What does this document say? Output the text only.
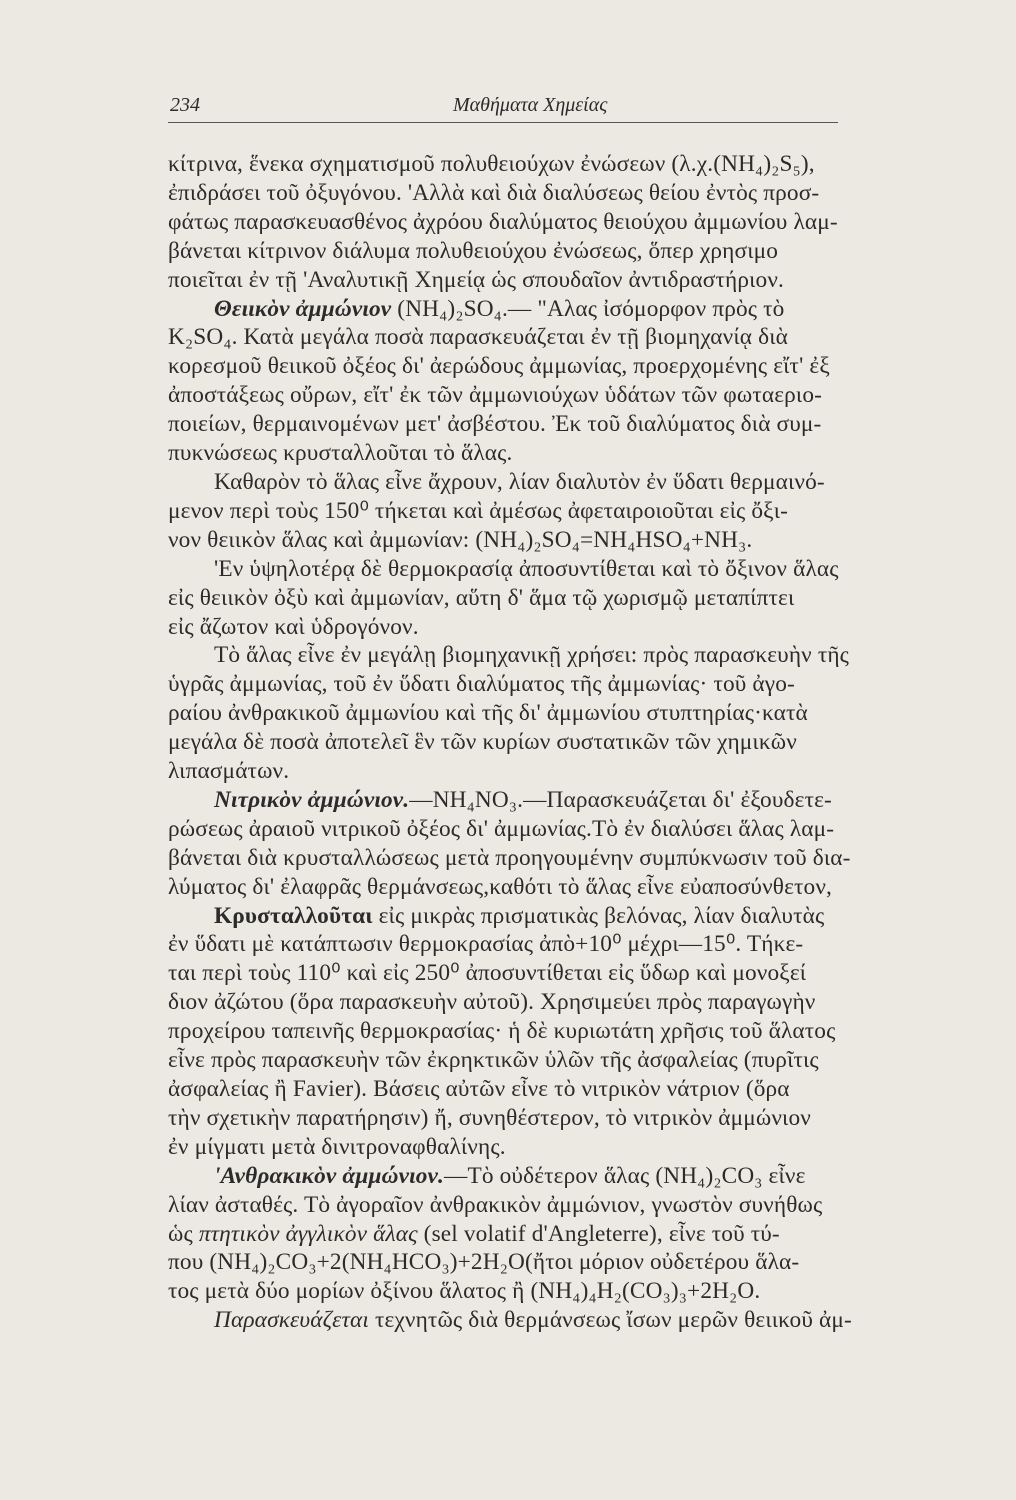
234	Μαθήματα Χημείας

κίτρινα, ἕνεκα σχηματισμοῦ πολυθειούχων ἐνώσεων (λ.χ.(NH₄)₂S₅),

ἐπιδράσει τοῦ ὀξυγόνου. 'Αλλὰ καὶ διὰ διαλύσεως θείου ἐντὸς προσ-

φάτως παρασκευασθένος ἀχρόου διαλύματος θειούχου ἀμμωνίου λαμ-

βάνεται κίτρινον διάλυμα πολυθειούχου ἐνώσεως, ὅπερ χρησιμο

ποιεῖται ἐν τῇ 'Αναλυτικῇ Χημείᾳ ὡς σπουδαῖον ἀντιδραστήριον.

Θειικὸν ἀμμώνιον (NH₄)₂SO₄.— "Αλας ἰσόμορφον πρὸς τὸ

K₂SO₄. Κατὰ μεγάλα ποσὰ παρασκευάζεται ἐν τῇ βιομηχανίᾳ διὰ

κορεσμοῦ θειικοῦ ὀξέος δι' ἀερώδους ἀμμωνίας, προερχομένης εἴτ' ἐξ

ἀποστάξεως οὔρων, εἴτ' ἐκ τῶν ἀμμωνιούχων ὑδάτων τῶν φωταεριο-

ποιείων, θερμαινομένων μετ' ἀσβέστου. Ἐκ τοῦ διαλύματος διὰ συμ-

πυκνώσεως κρυσταλλοῦται τὸ ἅλας.

Καθαρὸν τὸ ἅλας εἶνε ἄχρουν, λίαν διαλυτὸν ἐν ὕδατι θερμαινό-

μενον περὶ τοὺς 150⁰ τήκεται καὶ ἀμέσως ἀφεταιροιοῦται εἰς ὄξι-

νον θειικὸν ἅλας καὶ ἀμμωνίαν: (NH₄)₂SO₄=NH₄HSO₄+NH₃.

'Εν ὑψηλοτέρᾳ δὲ θερμοκρασίᾳ ἀποσυντίθεται καὶ τὸ ὄξινον ἅλας

εἰς θειικὸν ὀξὺ καὶ ἀμμωνίαν, αὕτη δ' ἅμα τῷ χωρισμῷ μεταπίπτει

εἰς ἄζωτον καὶ ὑδρογόνον.

Τὸ ἅλας εἶνε ἐν μεγάλῃ βιομηχανικῇ χρήσει: πρὸς παρασκευὴν τῆς

ὑγρᾶς ἀμμωνίας, τοῦ ἐν ὕδατι διαλύματος τῆς ἀμμωνίας· τοῦ ἀγο-

ραίου ἀνθρακικοῦ ἀμμωνίου καὶ τῆς δι' ἀμμωνίου στυπτηρίας·κατὰ

μεγάλα δὲ ποσὰ ἀποτελεῖ ἓν τῶν κυρίων συστατικῶν τῶν χημικῶν

λιπασμάτων.

Νιτρικὸν ἀμμώνιον.—NH₄NO₃.—Παρασκευάζεται δι' ἐξουδετε-

ρώσεως ἀραιοῦ νιτρικοῦ ὀξέος δι' ἀμμωνίας.Τὸ ἐν διαλύσει ἅλας λαμ-

βάνεται διὰ κρυσταλλώσεως μετὰ προηγουμένην συμπύκνωσιν τοῦ δια-

λύματος δι' ἐλαφρᾶς θερμάνσεως,καθότι τὸ ἅλας εἶνε εὐαποσύνθετον,

Κρυσταλλοῦται εἰς μικρὰς πρισματικὰς βελόνας, λίαν διαλυτὰς

ἐν ὕδατι μὲ κατάπτωσιν θερμοκρασίας ἀπὸ+10⁰ μέχρι—15⁰. Τήκε-

ται περὶ τοὺς 110⁰ καὶ εἰς 250⁰ ἀποσυντίθεται εἰς ὕδωρ καὶ μονοξεί

διον ἀζώτου (ὅρα παρασκευὴν αὐτοῦ). Χρησιμεύει πρὸς παραγωγὴν

προχείρου ταπεινῆς θερμοκρασίας· ἡ δὲ κυριωτάτη χρῆσις τοῦ ἅλατος

εἶνε πρὸς παρασκευὴν τῶν ἐκρηκτικῶν ὑλῶν τῆς ἀσφαλείας (πυρῖτις

ἀσφαλείας ἢ Favier). Βάσεις αὐτῶν εἶνε τὸ νιτρικὸν νάτριον (ὅρα

τὴν σχετικὴν παρατήρησιν) ἤ, συνηθέστερον, τὸ νιτρικὸν ἀμμώνιον

ἐν μίγματι μετὰ δινιτροναφθαλίνης.

'Ανθρακικὸν ἀμμώνιον.—Τὸ οὐδέτερον ἅλας (NH₄)₂CO₃ εἶνε

λίαν ἀσταθές. Τὸ ἀγοραῖον ἀνθρακικὸν ἀμμώνιον, γνωστὸν συνήθως

ὡς πτητικὸν ἀγγλικὸν ἅλας (sel volatif d'Angleterre), εἶνε τοῦ τύ-

που (NH₄)₂CO₃+2(NH₄HCO₃)+2H₂O(ἤτοι μόριον οὐδετέρου ἅλα-

τος μετὰ δύο μορίων ὀξίνου ἅλατος ἢ (NH₄)₄H₂(CO₃)₃+2H₂O.

Παρασκευάζεται τεχνητῶς διὰ θερμάνσεως ἴσων μερῶν θειικοῦ ἀμ-
